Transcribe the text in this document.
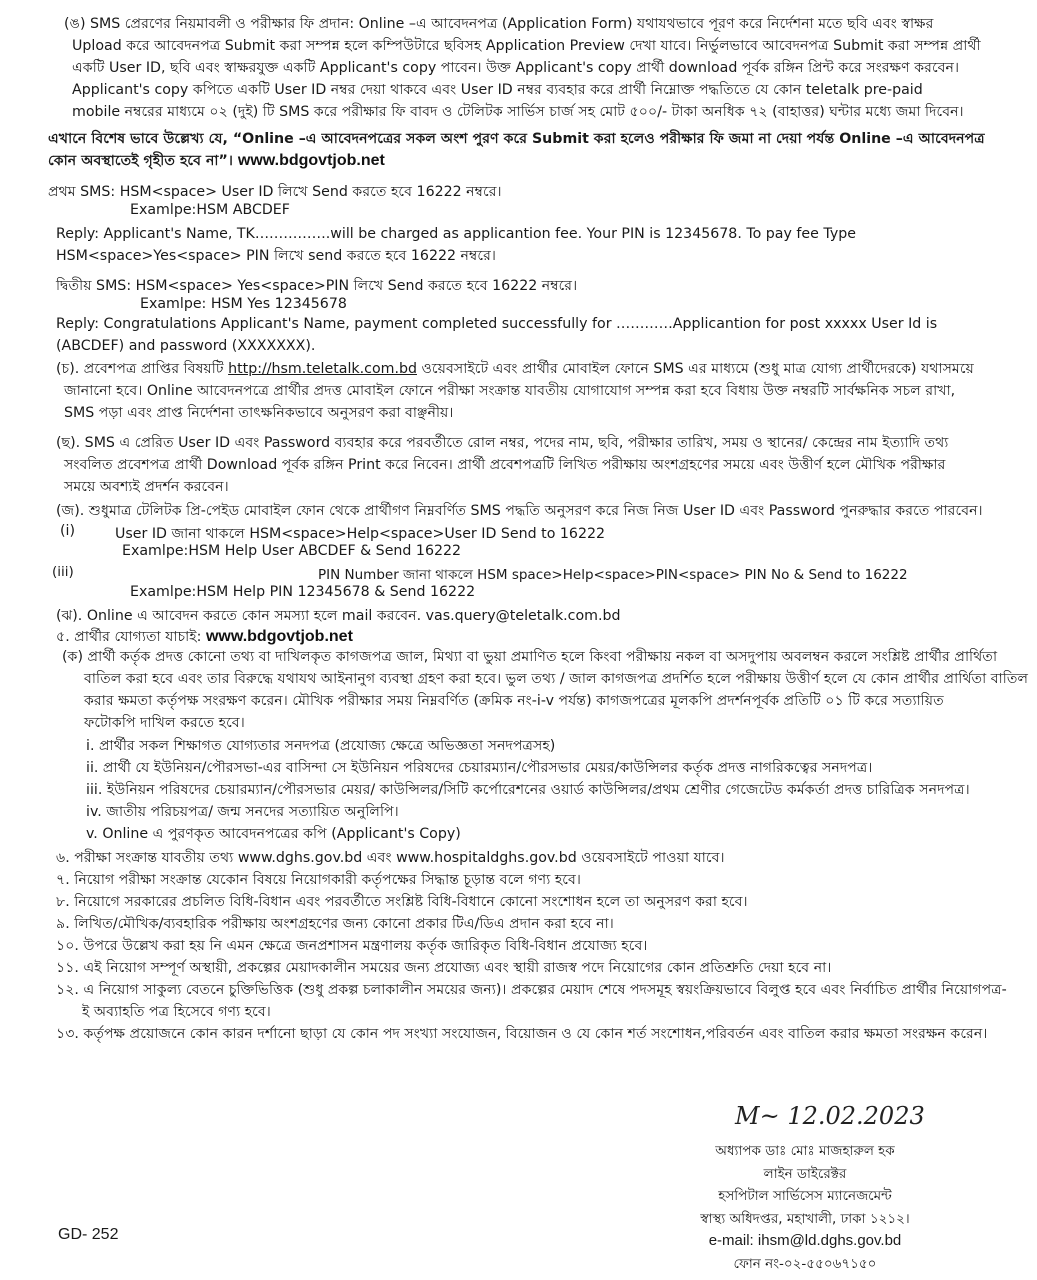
(ঙ) SMS প্রেরণের নিয়মাবলী ও পরীক্ষার ফি প্রদান: Online –এ আবেদনপত্র (Application Form) যথাযথভাবে পূরণ করে নির্দেশনা মতে ছবি এবং স্বাক্ষর
Upload করে আবেদনপত্র Submit করা সম্পন্ন হলে কম্পিউটারে ছবিসহ Application Preview দেখা যাবে। নির্ভুলভাবে আবেদনপত্র Submit করা সম্পন্ন প্রার্থী
একটি User ID, ছবি এবং স্বাক্ষরযুক্ত একটি Applicant's copy পাবেন। উক্ত Applicant's copy প্রার্থী download পূর্বক রঙ্গিন প্রিন্ট করে সংরক্ষণ করবেন।
Applicant's copy কপিতে একটি User ID নম্বর দেয়া থাকবে এবং User ID নম্বর ব্যবহার করে প্রার্থী নিম্নোক্ত পদ্ধতিতে যে কোন teletalk pre-paid
mobile নম্বরের মাধ্যমে ০২ (দুই) টি SMS করে পরীক্ষার ফি বাবদ ও টেলিটক সার্ভিস চার্জ সহ মোট ৫০০/- টাকা অনধিক ৭২ (বাহাত্তর) ঘন্টার মধ্যে জমা দিবেন।
এখানে বিশেষ ভাবে উল্লেখ্য যে, “Online –এ আবেদনপত্রের সকল অংশ পুরণ করে Submit করা হলেও পরীক্ষার ফি জমা না দেয়া পর্যন্ত Online –এ আবেদনপত্র
কোন অবস্থাতেই গৃহীত হবে না”। www.bdgovtjob.net
প্রথম SMS: HSM<space> User ID লিখে Send করতে হবে 16222 নম্বরে।
Examlpe:HSM ABCDEF
Reply: Applicant's Name, TK…………….will be charged as applicantion fee. Your PIN is 12345678. To pay fee Type
HSM<space>Yes<space> PIN লিখে send করতে হবে 16222 নম্বরে।
দ্বিতীয় SMS: HSM<space> Yes<space>PIN লিখে Send করতে হবে 16222 নম্বরে।
Examlpe: HSM Yes 12345678
Reply: Congratulations Applicant's Name, payment completed successfully for …………Applicantion for post xxxxx User Id is
(ABCDEF) and password (XXXXXXX).
(চ). প্রবেশপত্র প্রাপ্তির বিষয়টি http://hsm.teletalk.com.bd ওয়েবসাইটে এবং প্রার্থীর মোবাইল ফোনে SMS এর মাধ্যমে (শুধু মাত্র যোগ্য প্রার্থীদেরকে) যথাসময়ে
জানানো হবে। Online আবেদনপত্রে প্রার্থীর প্রদত্ত মোবাইল ফোনে পরীক্ষা সংক্রান্ত যাবতীয় যোগাযোগ সম্পন্ন করা হবে বিধায় উক্ত নম্বরটি সার্বক্ষনিক সচল রাখা,
SMS পড়া এবং প্রাপ্ত নির্দেশনা তাৎক্ষনিকভাবে অনুসরণ করা বাঞ্ছনীয়।
(ছ). SMS এ প্রেরিত User ID এবং Password ব্যবহার করে পরবর্তীতে রোল নম্বর, পদের নাম, ছবি, পরীক্ষার তারিখ, সময় ও স্থানের/ কেন্দ্রের নাম ইত্যাদি তথ্য
সংবলিত প্রবেশপত্র প্রার্থী Download পূর্বক রঙ্গিন Print করে নিবেন। প্রার্থী প্রবেশপত্রটি লিখিত পরীক্ষায় অংশগ্রহণের সময়ে এবং উত্তীর্ণ হলে মৌখিক পরীক্ষার
সময়ে অবশ্যই প্রদর্শন করবেন।
(জ). শুধুমাত্র টেলিটক প্রি-পেইড মোবাইল ফোন থেকে প্রার্থীগণ নিম্নবর্ণিত SMS পদ্ধতি অনুসরণ করে নিজ নিজ User ID এবং Password পুনরুদ্ধার করতে পারবেন।
(i)	User ID জানা থাকলে HSM<space>Help<space>User ID Send to 16222
Examlpe:HSM Help User ABCDEF & Send 16222
(iii)	PIN Number জানা থাকলে HSM space>Help<space>PIN<space> PIN No & Send to 16222
Examlpe:HSM Help PIN 12345678 & Send 16222
(ঝ). Online এ আবেদন করতে কোন সমস্যা হলে mail করবেন. vas.query@teletalk.com.bd
৫. প্রার্থীর যোগ্যতা যাচাই: www.bdgovtjob.net
(ক) প্রার্থী কর্তৃক প্রদত্ত কোনো তথ্য বা দাখিলকৃত কাগজপত্র জাল, মিথ্যা বা ভুয়া প্রমাণিত হলে কিংবা পরীক্ষায় নকল বা অসদুপায় অবলম্বন করলে সংশ্লিষ্ট প্রার্থীর প্রার্থিতা
বাতিল করা হবে এবং তার বিরুদ্ধে যথাযথ আইনানুগ ব্যবস্থা গ্রহণ করা হবে। ভুল তথ্য / জাল কাগজপত্র প্রদর্শিত হলে পরীক্ষায় উত্তীর্ণ হলে যে কোন প্রার্থীর প্রার্থিতা বাতিল
করার ক্ষমতা কর্তৃপক্ষ সংরক্ষণ করেন। মৌখিক পরীক্ষার সময় নিম্নবর্ণিত (ক্রমিক নং-i-v পর্যন্ত) কাগজপত্রের মূলকপি প্রদর্শনপূর্বক প্রতিটি ০১ টি করে সত্যায়িত
ফটোকপি দাখিল করতে হবে।
i. প্রার্থীর সকল শিক্ষাগত যোগ্যতার সনদপত্র (প্রযোজ্য ক্ষেত্রে অভিজ্ঞতা সনদপত্রসহ)
ii. প্রার্থী যে ইউনিয়ন/পৌরসভা-এর বাসিন্দা সে ইউনিয়ন পরিষদের চেয়ারম্যান/পৌরসভার মেয়র/কাউন্সিলর কর্তৃক প্রদত্ত নাগরিকত্বের সনদপত্র।
iii. ইউনিয়ন পরিষদের চেয়ারম্যান/পৌরসভার মেয়র/ কাউন্সিলর/সিটি কর্পোরেশনের ওয়ার্ড কাউন্সিলর/প্রথম শ্রেণীর গেজেটেড কর্মকর্তা প্রদত্ত চারিত্রিক সনদপত্র।
iv. জাতীয় পরিচয়পত্র/ জন্ম সনদের সত্যায়িত অনুলিপি।
v. Online এ পুরণকৃত আবেদনপত্রের কপি (Applicant's Copy)
৬. পরীক্ষা সংক্রান্ত যাবতীয় তথ্য www.dghs.gov.bd এবং www.hospitaldghs.gov.bd ওয়েবসাইটে পাওয়া যাবে।
৭. নিয়োগ পরীক্ষা সংক্রান্ত যেকোন বিষয়ে নিয়োগকারী কর্তৃপক্ষের সিদ্ধান্ত চূড়ান্ত বলে গণ্য হবে।
৮. নিয়োগে সরকারের প্রচলিত বিধি-বিধান এবং পরবর্তীতে সংশ্লিষ্ট বিধি-বিধানে কোনো সংশোধন হলে তা অনুসরণ করা হবে।
৯. লিখিত/মৌখিক/ব্যবহারিক পরীক্ষায় অংশগ্রহণের জন্য কোনো প্রকার টিএ/ডিএ প্রদান করা হবে না।
১০. উপরে উল্লেখ করা হয় নি এমন ক্ষেত্রে জনপ্রশাসন মন্ত্রণালয় কর্তৃক জারিকৃত বিধি-বিধান প্রযোজ্য হবে।
১১. এই নিয়োগ সম্পূর্ণ অস্থায়ী, প্রকল্পের মেয়াদকালীন সময়ের জন্য প্রযোজ্য এবং স্থায়ী রাজস্ব পদে নিয়োগের কোন প্রতিশ্রুতি দেয়া হবে না।
১২. এ নিয়োগ সাকুল্য বেতনে চুক্তিভিত্তিক (শুধু প্রকল্প চলাকালীন সময়ের জন্য)। প্রকল্পের মেয়াদ শেষে পদসমূহ স্বয়ংক্রিয়ভাবে বিলুপ্ত হবে এবং নির্বাচিত প্রার্থীর নিয়োগপত্র-
ই অব্যাহতি পত্র হিসেবে গণ্য হবে।
১৩. কর্তৃপক্ষ প্রয়োজনে কোন কারন দর্শানো ছাড়া যে কোন পদ সংখ্যা সংযোজন, বিয়োজন ও যে কোন শর্ত সংশোধন,পরিবর্তন এবং বাতিল করার ক্ষমতা সংরক্ষন করেন।
M~ 12.02.2023
অধ্যাপক ডাঃ মোঃ মাজহারুল হক
লাইন ডাইরেক্টর
হসপিটাল সার্ভিসেস ম্যানেজমেন্ট
স্বাস্থ্য অধিদপ্তর, মহাখালী, ঢাকা ১২১২।
e-mail: ihsm@ld.dghs.gov.bd
ফোন নং-০২-৫৫০৬৭১৫০
GD- 252
